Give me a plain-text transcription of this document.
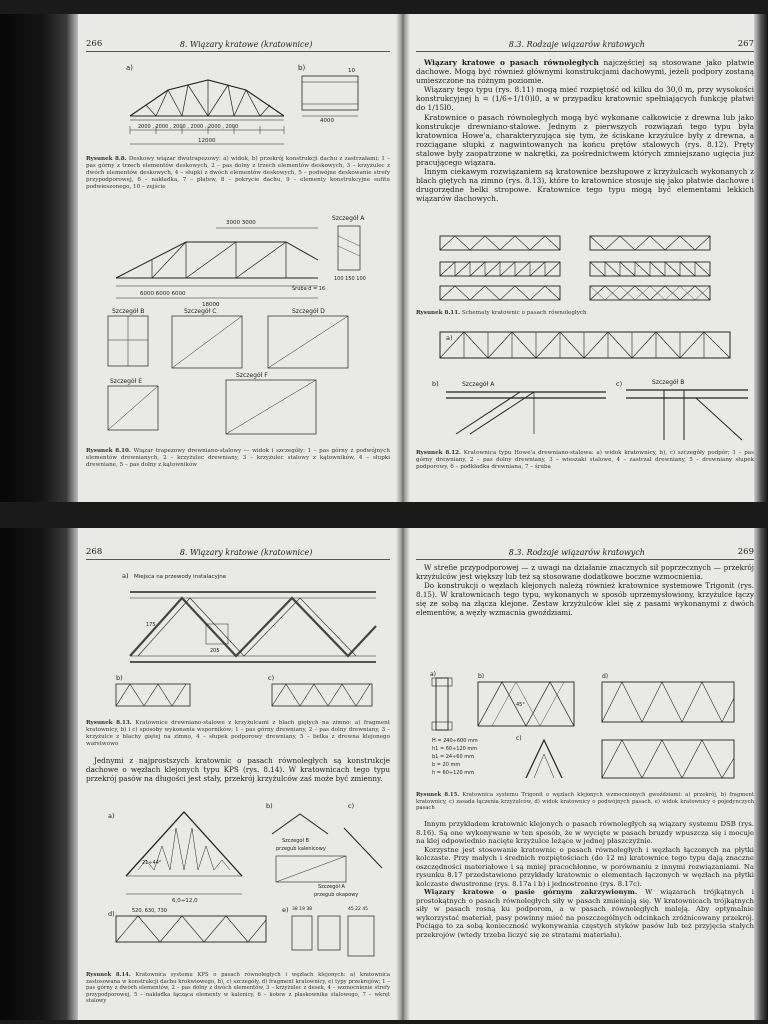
266	8. Wiązary kratowe (kratownice)
a)	b)
2000 , 2000 , 2000 , 2000 , 2000 , 2000
12000
4000
10
Rysunek 8.8. Deskowy wiązar dwutrapezowy: a) widok, b) przekrój konstrukcji dachu z zastrzałami; 1 – pas górny z trzech elementów deskowych, 2 – pas dolny z trzech elementów deskowych, 3 – krzyżulec z dwóch elementów deskowych, 4 – słupki z dwóch elementów deskowych, 5 – podwójne deskowanie strefy przypodporowej, 6 – nakładka, 7 – płatew, 8 – pokrycie dachu, 9 – elementy konstrukcyjne sufitu podwieszonego, 10 – zejście
Szczegół A
3000 3000
6000 6000 6000
18000
Śruba d = 16
100 150 100
Szczegół B	Szczegół C	Szczegół D
Szczegół E
Szczegół F
Rysunek 8.10. Wiązar trapezowy drewniano-stalowy — widok i szczegóły: 1 – pas górny z podwójnych elementów drewnianych, 2 – krzyżulec drewniany, 3 – krzyżulec stalowy z kątowników, 4 – słupki drewniane, 5 – pas dolny z kątowników
8.3. Rodzaje wiązarów kratowych	267

Wiązary kratowe o pasach równoległych najczęściej są stosowane jako płatwie dachowe. Mogą być również głównymi konstrukcjami dachowymi, jeżeli podpory zostaną umieszczone na różnym poziomie.

Wiązary tego typu (rys. 8.11) mogą mieć rozpiętość od kilku do 30,0 m, przy wysokości konstrukcyjnej h = (1/6÷1/10)l0, a w przypadku kratownic spełniających funkcję płatwi do 1/15l0.

Kratownice o pasach równoległych mogą być wykonane całkowicie z drewna lub jako konstrukcje drewniano-stalowe. Jednym z pierwszych rozwiązań tego typu była kratownica Howe'a, charakteryzująca się tym, że ściskane krzyżulce były z drewna, a rozciągane słupki z nagwintowanych na końcu prętów stalowych (rys. 8.12). Pręty stalowe były zaopatrzone w nakrętki, za pośrednictwem których zmniejszano ugięcia już pracującego wiązara.

Innym ciekawym rozwiązaniem są kratownice bezsłupowe z krzyżulcach wykonanych z blach giętych na zimno (rys. 8.13), które to kratownice stosuje się jako płatwie dachowe i drugorzędne belki stropowe. Kratownice tego typu mogą być elementami lekkich wiązarów dachowych.

Rysunek 8.11. Schematy kratownic o pasach równoległych
a)
b)	c)
Szczegół A	Szczegół B
Rysunek 8.12. Kratownica typu Howe'a drewniano-stalowa: a) widok kratownicy, b), c) szczegóły podpór; 1 – pas górny drewniany, 2 – pas dolny drewniany, 3 – wieszaki stalowe, 4 – zastrzał drewniany, 5 – drewniany słupek podporowy, 6 – podkładka drewniana, 7 – śruba
268	8. Wiązary kratowe (kratownice)
Miejsca na przewody instalacyjne
a)
175
205
b)	c)
Rysunek 8.13. Kratownice drewniano-stalowe z krzyżulcami z blach giętych na zimno: a) fragment kratownicy, b) i c) sposoby wykonania wsporników; 1 – pas górny drewniany, 2 – pas dolny drewniany, 3 – krzyżulce z blachy giętej na zimno, 4 – słupek podporowy drewniany, 5 – belka z drewna klejonego warstwowo

Jednymi z najprostszych kratownic o pasach równoległych są konstrukcje dachowe o węzłach klejonych typu KPS (rys. 8.14). W kratownicach tego typu przekrój pasów na długości jest stały, przekrój krzyżulców zaś może być zmienny.

a)
b)	c)
21÷44°
6,0÷12,0
Szczegół B
przegub kalenicowy
Szczegół A
przegub okapowy
d)	520, 630, 730	e) 38 19 38	45 22 45
Rysunek 8.14. Kratownica systemu KPS o pasach równoległych i węzłach klejonych: a) kratownica zastosowana w konstrukcji dachu krokwiowego, b), c) szczegóły, d) fragment kratownicy, e) typy przekrojów; 1 – pas górny z dwóch elementów, 2 – pas dolny z dwóch elementów, 3 – krzyżulec z desek, 4 – wzmocnienie strefy przypodporowej, 5 – nakładka łącząca elementy w kalenicy, 6 – kotew z płaskownika stalowego, 7 – wkręt stalowy
8.3. Rodzaje wiązarów kratowych	269

W strefie przypodporowej — z uwagi na działanie znacznych sił poprzecznych — przekrój krzyżulców jest większy lub też są stosowane dodatkowe boczne wzmocnienia.

Do konstrukcji o węzłach klejonych należą również kratownice systemowe Trigonit (rys. 8.15). W kratownicach tego typu, wykonanych w sposób uprzemysłowiony, krzyżulce łączy się ze sobą na złącza klejone. Zestaw krzyżulców klei się z pasami wykonanymi z dwóch elementów, a węzły wzmacnia gwoździami.

a)	b)
c)
d)
45°
H = 240÷600 mm
h1 = 60÷120 mm
b1 = 24÷60 mm
b = 20 mm
h = 60÷120 mm
Rysunek 8.15. Kratownica systemu Trigonit o węzłach klejonych wzmocnionych gwoździami: a) przekrój, b) fragment kratownicy, c) zasada łączenia krzyżulców, d) widok kratownicy o podwójnych pasach, e) widok kratownicy o pojedynczych pasach

Innym przykładem kratownic klejonych o pasach równoległych są wiązary systemu DSB (rys. 8.16). Są one wykonywane w ten sposób, że w wycięte w pasach bruzdy wpuszcza się i mocuje na klej odpowiednio nacięte krzyżulce leżące w jednej płaszczyźnie.

Korzystne jest stosowanie kratownic o pasach równoległych i węzłach łączonych na płytki kolczaste. Przy małych i średnich rozpiętościach (do 12 m) kratownice tego typu dają znaczne oszczędności materiałowe i są mniej pracochłonne, w porównaniu z innymi rozwiązaniami. Na rysunku 8.17 przedstawiono przykłady kratownic o elementach łączonych w węzłach na płytki kolczaste dwustronne (rys. 8.17a i b) i jednostronne (rys. 8.17c).

Wiązary kratowe o pasie górnym zakrzywionym. W wiązarach trójkątnych i prostokątnych o pasach równoległych siły w pasach zmieniają się. W kratownicach trójkątnych siły w pasach rosną ku podporom, a w pasach równoległych maleją. Aby optymalnie wykorzystać materiał, pasy powinny mieć na poszczególnych odcinkach zróżnicowany przekrój. Pociąga to za sobą konieczność wykonywania częstych styków pasów lub też przyjęcia stałych przekrojów (wtedy trzeba liczyć się ze stratami materiału).
